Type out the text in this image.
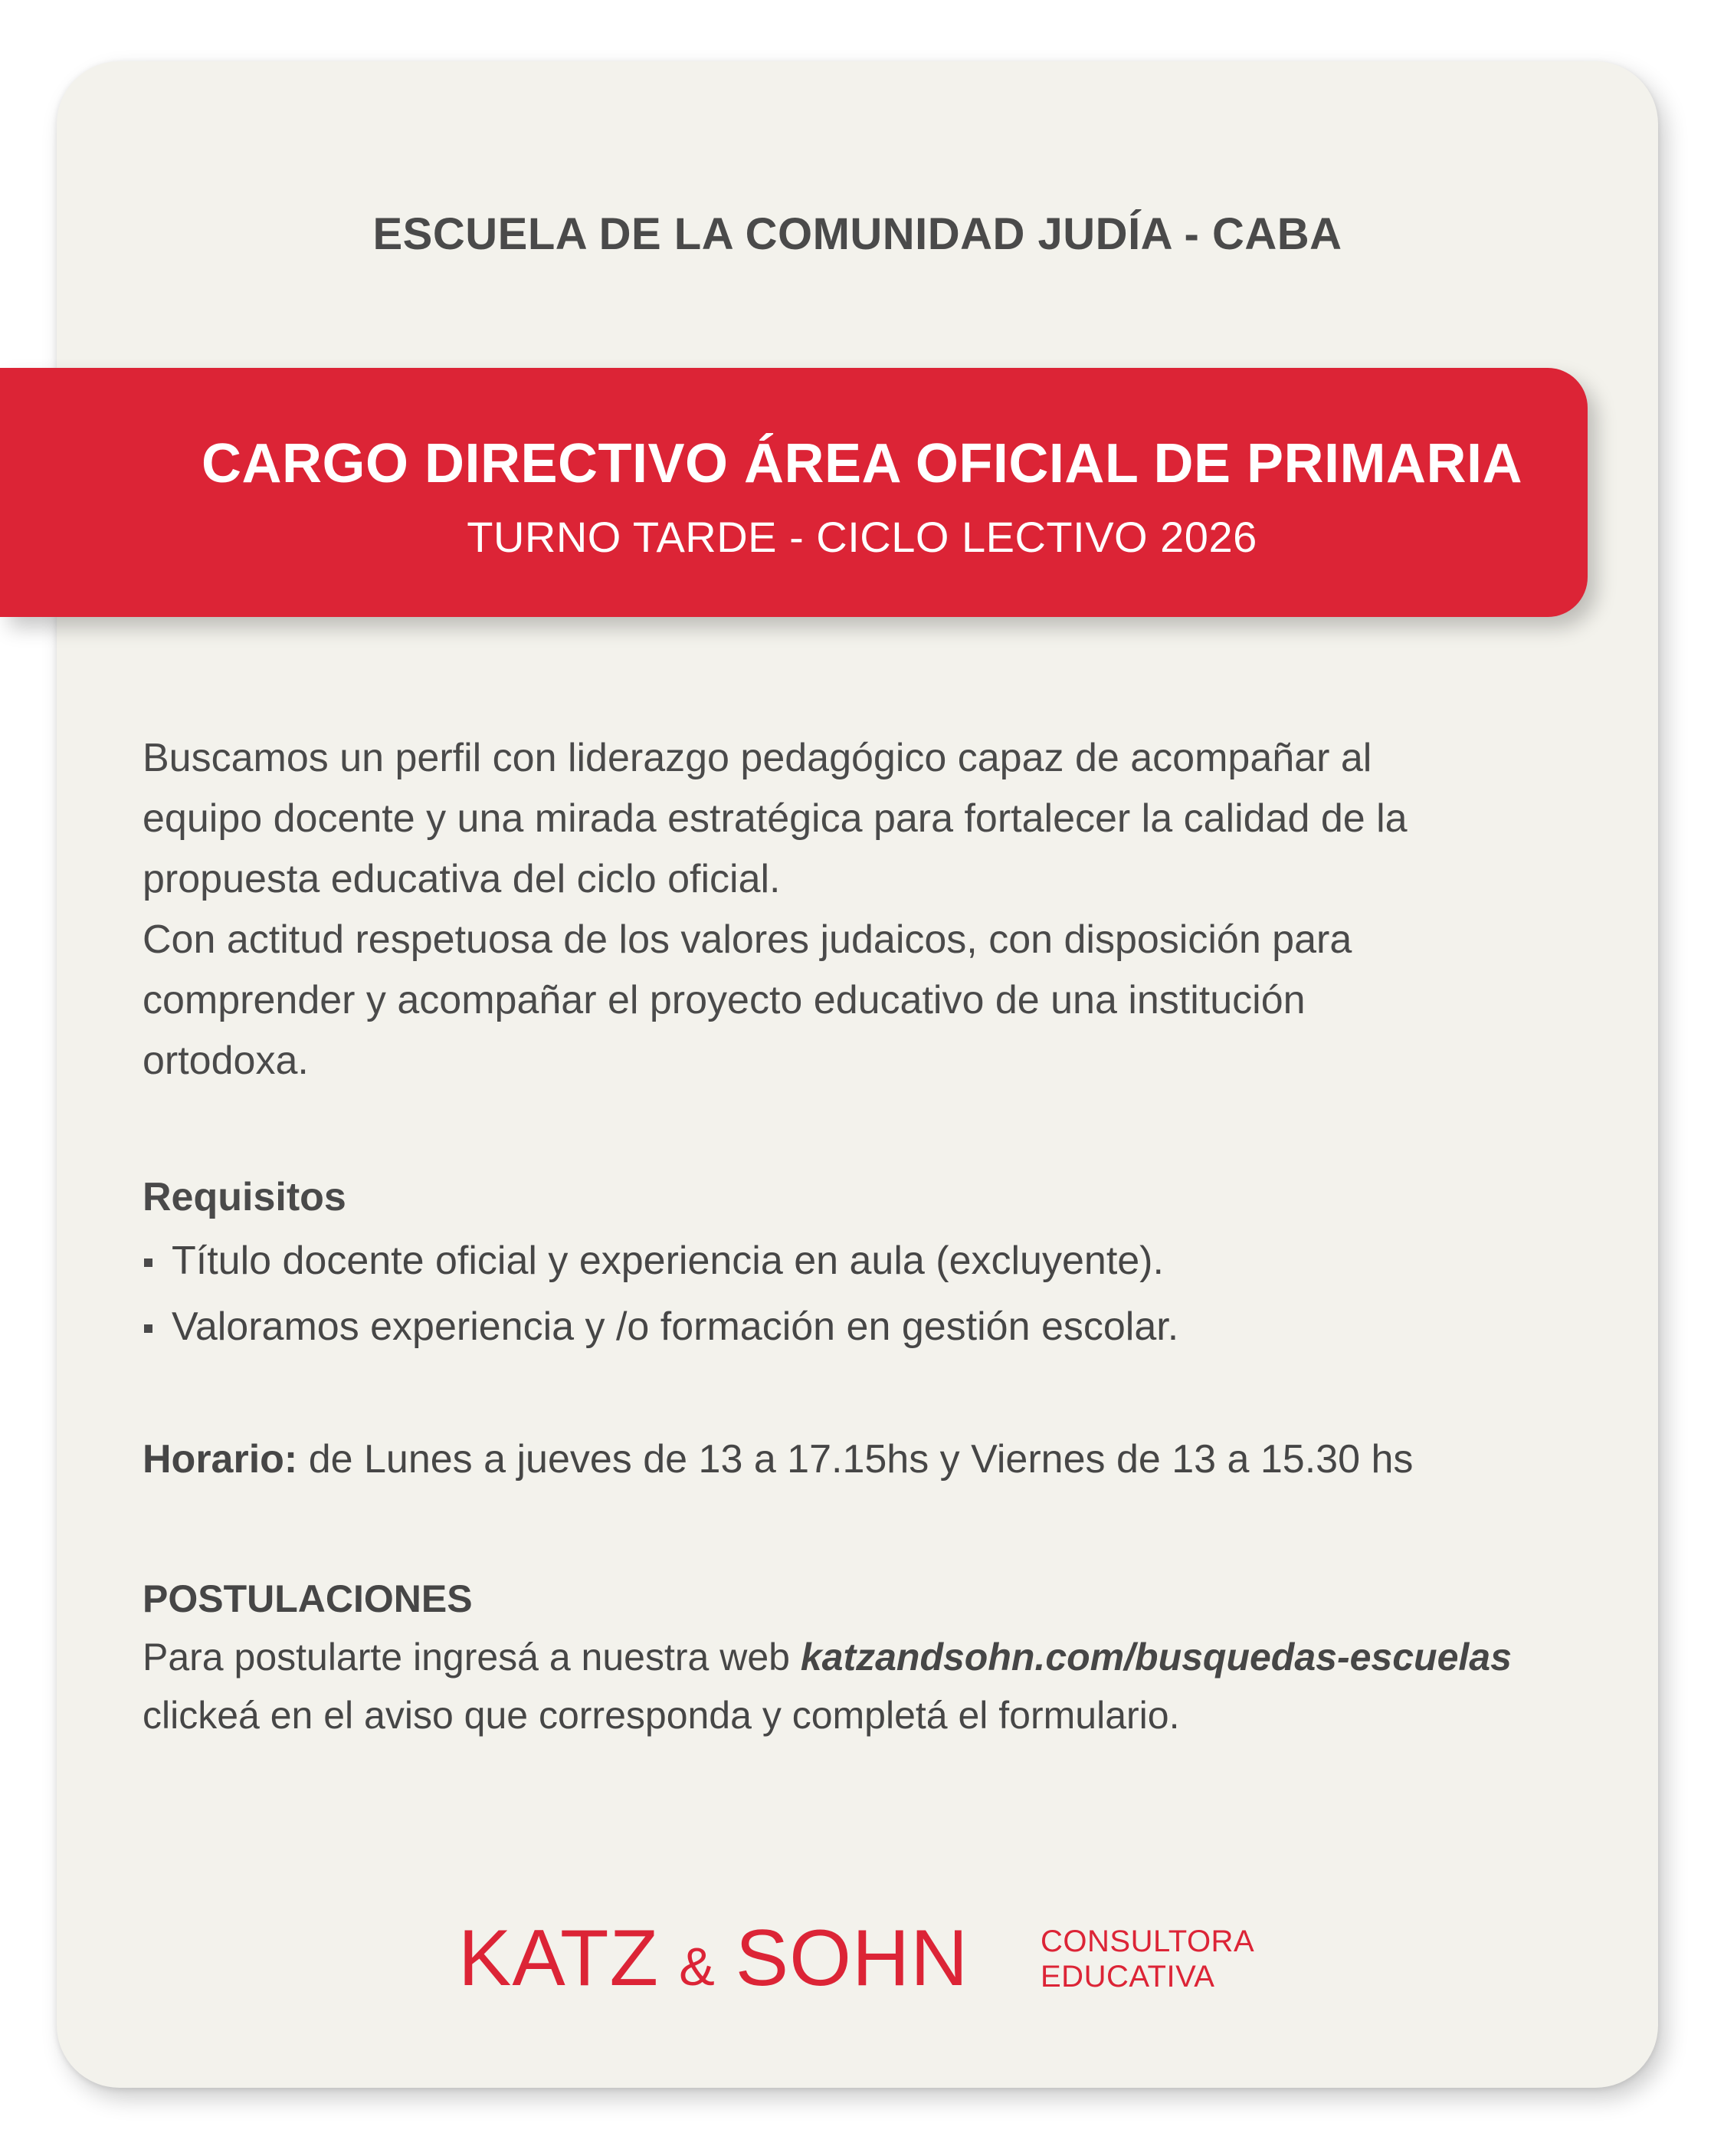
ESCUELA DE LA COMUNIDAD JUDÍA - CABA
CARGO DIRECTIVO ÁREA OFICIAL DE PRIMARIA
TURNO TARDE - CICLO LECTIVO 2026

Buscamos un perfil con liderazgo pedagógico capaz de acompañar al

equipo docente y una mirada estratégica para fortalecer la calidad de la

propuesta educativa del ciclo oficial.

Con actitud respetuosa de los valores judaicos, con disposición para

comprender y acompañar el proyecto educativo de una institución

ortodoxa.

Requisitos
Título docente oficial y experiencia en aula (excluyente).
Valoramos experiencia y /o formación en gestión escolar.
Horario: de Lunes a jueves de 13 a 17.15hs y Viernes de 13 a 15.30 hs
POSTULACIONES
Para postularte ingresá a nuestra web katzandsohn.com/busquedas-escuelas
clickeá en el aviso que corresponda y completá el formulario.
KATZ & SOHN CONSULTORA
EDUCATIVA
